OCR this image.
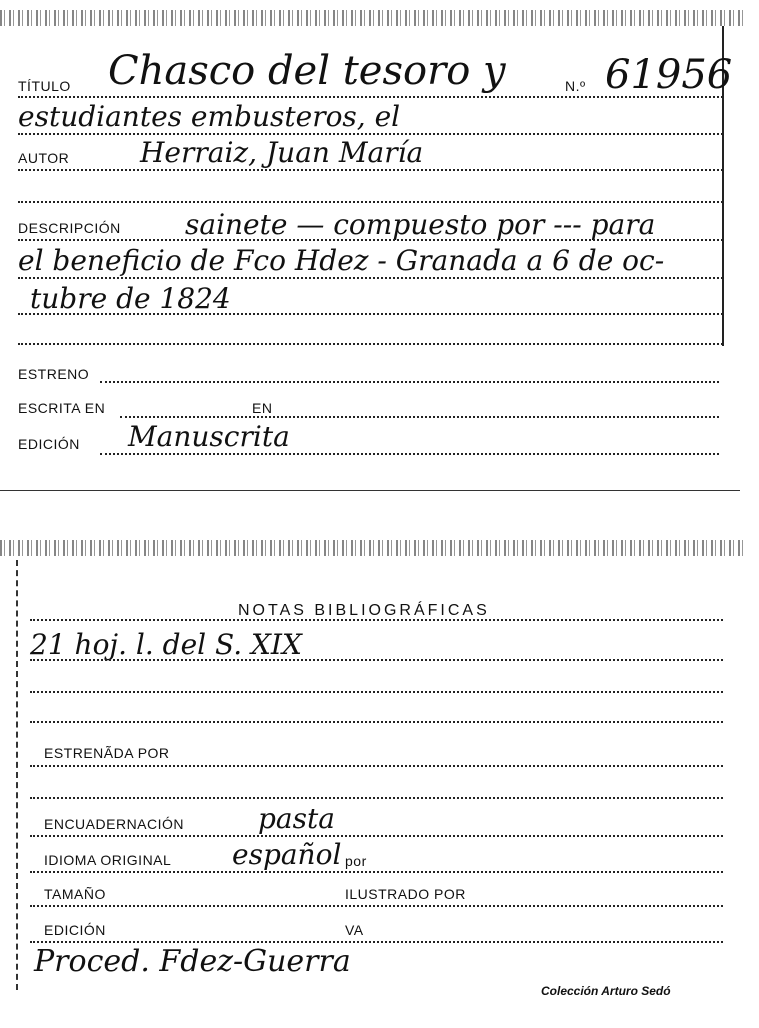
TÍTULO Chasco del tesoro y	N.º 61956
estudiantes embusteros, el
AUTOR	Herraiz, Juan María
DESCRIPCIÓN sainete — compuesto por --- para
el beneficio de Fco Hdez - Granada a 6 de oc-
tubre de 1824
ESTRENO
ESCRITA EN	EN
EDICIÓN Manuscrita
NOTAS BIBLIOGRÁFICAS
21 hoj. l. del S. XIX
ESTRENÃDA POR
ENCUADERNACIÓN	pasta
IDIOMA ORIGINAL español por
TAMAÑO	ILUSTRADO POR
EDICIÓN	VA
Proced. Fdez-Guerra
Colección Arturo Sedó
